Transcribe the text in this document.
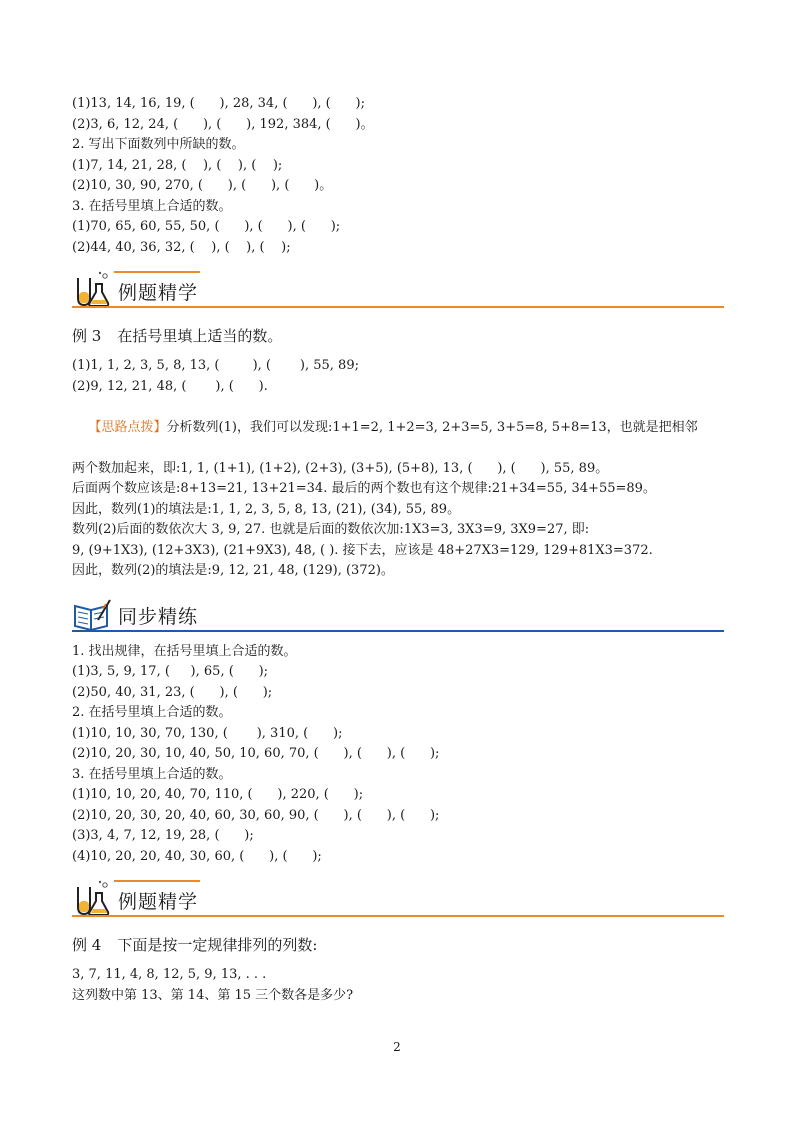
(1)13, 14, 16, 19, (      ), 28, 34, (      ), (      );
(2)3, 6, 12, 24, (      ), (      ), 192, 384, (      )。
2. 写出下面数列中所缺的数。
(1)7, 14, 21, 28, (    ), (    ), (    );
(2)10, 30, 90, 270, (      ), (      ), (      )。
3. 在括号里填上合适的数。
(1)70, 65, 60, 55, 50, (      ), (      ), (      );
(2)44, 40, 36, 32, (    ), (    ), (    );
例题精学
例 3 在括号里填上适当的数。
(1)1, 1, 2, 3, 5, 8, 13, (        ), (       ), 55, 89;
(2)9, 12, 21, 48, (       ), (      ).

【思路点拨】分析数列(1)，我们可以发现:1+1=2, 1+2=3, 2+3=5, 3+5=8, 5+8=13，也就是把相邻

两个数加起来，即:1, 1, (1+1), (1+2), (2+3), (3+5), (5+8), 13, (      ), (      ), 55, 89。
后面两个数应该是:8+13=21, 13+21=34. 最后的两个数也有这个规律:21+34=55, 34+55=89。
因此，数列(1)的填法是:1, 1, 2, 3, 5, 8, 13, (21), (34), 55, 89。
数列(2)后面的数依次大 3, 9, 27. 也就是后面的数依次加:1X3=3, 3X3=9, 3X9=27, 即:
9, (9+1X3), (12+3X3), (21+9X3), 48, ( ). 接下去，应该是 48+27X3=129, 129+81X3=372.
因此，数列(2)的填法是:9, 12, 21, 48, (129), (372)。
同步精练
1. 找出规律，在括号里填上合适的数。
(1)3, 5, 9, 17, (     ), 65, (      );
(2)50, 40, 31, 23, (      ), (      );
2. 在括号里填上合适的数。
(1)10, 10, 30, 70, 130, (       ), 310, (      );
(2)10, 20, 30, 10, 40, 50, 10, 60, 70, (      ), (      ), (      );
3. 在括号里填上合适的数。
(1)10, 10, 20, 40, 70, 110, (      ), 220, (      );
(2)10, 20, 30, 20, 40, 60, 30, 60, 90, (      ), (      ), (      );
(3)3, 4, 7, 12, 19, 28, (      );
(4)10, 20, 20, 40, 30, 60, (      ), (      );
例题精学
例 4 下面是按一定规律排列的列数:
3, 7, 11, 4, 8, 12, 5, 9, 13, . . .
这列数中第 13、第 14、第 15 三个数各是多少?
2
